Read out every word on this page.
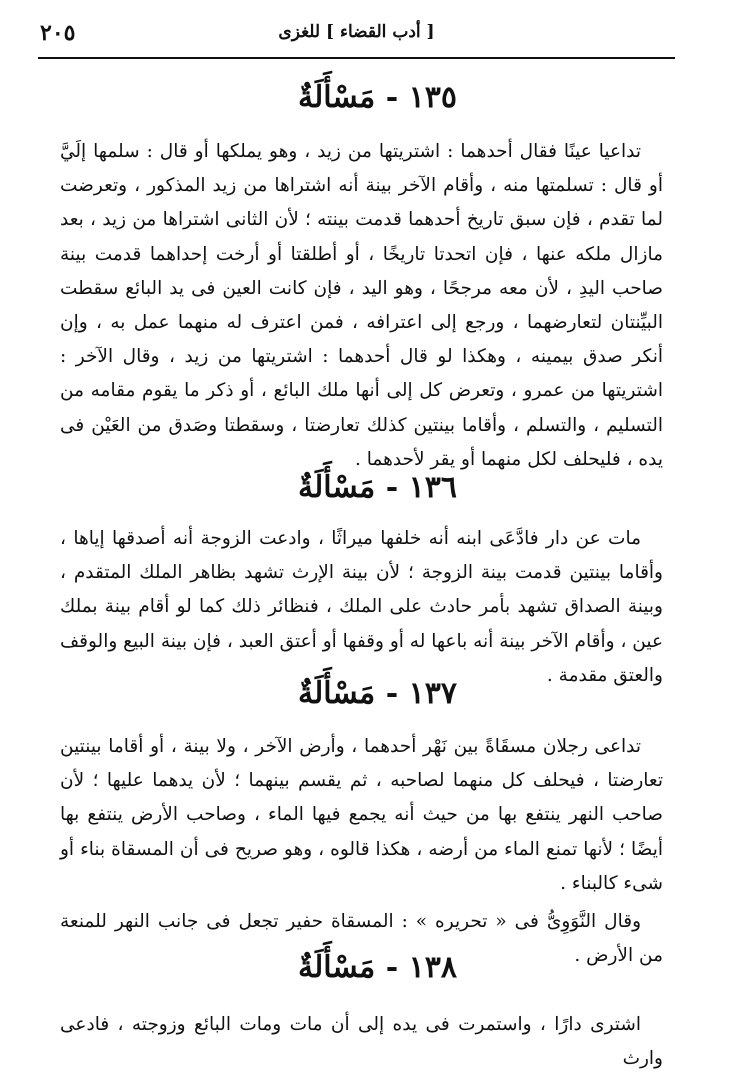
[ أدب القضاء ] للغزى
٢٠٥
١٣٥ - مَسْأَلَةٌ

تداعيا عينًا فقال أحدهما : اشتريتها من زيد ، وهو يملكها أو قال : سلمها إلَيَّ أو قال : تسلمتها منه ، وأقام الآخر بينة أنه اشتراها من زيد المذكور ، وتعرضت لما تقدم ، فإن سبق تاريخ أحدهما قدمت بينته ؛ لأن الثانى اشتراها من زيد ، بعد مازال ملكه عنها ، فإن اتحدتا تاريخًا ، أو أطلقتا أو أرخت إحداهما قدمت بينة صاحب اليدِ ، لأن معه مرجحًا ، وهو اليد ، فإن كانت العين فى يد البائع سقطت البيِّنتان لتعارضهما ، ورجع إلى اعترافه ، فمن اعترف له منهما عمل به ، وإن أنكر صدق بيمينه ، وهكذا لو قال أحدهما : اشتريتها من زيد ، وقال الآخر : اشتريتها من عمرو ، وتعرض كل إلى أنها ملك البائع ، أو ذكر ما يقوم مقامه من التسليم ، والتسلم ، وأقاما بينتين كذلك تعارضتا ، وسقطتا وصَدق من العَيْن فى يده ، فليحلف لكل منهما أو يقر لأحدهما .

١٣٦ - مَسْأَلَةٌ

مات عن دار فادَّعَى ابنه أنه خلفها ميراثًا ، وادعت الزوجة أنه أصدقها إياها ، وأقاما بينتين قدمت بينة الزوجة ؛ لأن بينة الإرث تشهد بظاهر الملك المتقدم ، وبينة الصداق تشهد بأمر حادث على الملك ، فنظائر ذلك كما لو أقام بينة بملك عين ، وأقام الآخر بينة أنه باعها له أو وقفها أو أعتق العبد ، فإن بينة البيع والوقف والعتق مقدمة .

١٣٧ - مَسْأَلَةٌ

تداعى رجلان مسقَاةً بين نَهْر أحدهما ، وأرض الآخر ، ولا بينة ، أو أقاما بينتين تعارضتا ، فيحلف كل منهما لصاحبه ، ثم يقسم بينهما ؛ لأن يدهما عليها ؛ لأن صاحب النهر ينتفع بها من حيث أنه يجمع فيها الماء ، وصاحب الأرض ينتفع بها أيضًا ؛ لأنها تمنع الماء من أرضه ، هكذا قالوه ، وهو صريح فى أن المسقاة بناء أو شىء كالبناء .

وقال النَّوَوِىُّ فى « تحريره » : المسقاة حفير تجعل فى جانب النهر للمنعة من الأرض .

١٣٨ - مَسْأَلَةٌ

اشترى دارًا ، واستمرت فى يده إلى أن مات ومات البائع وزوجته ، فادعى وارث
